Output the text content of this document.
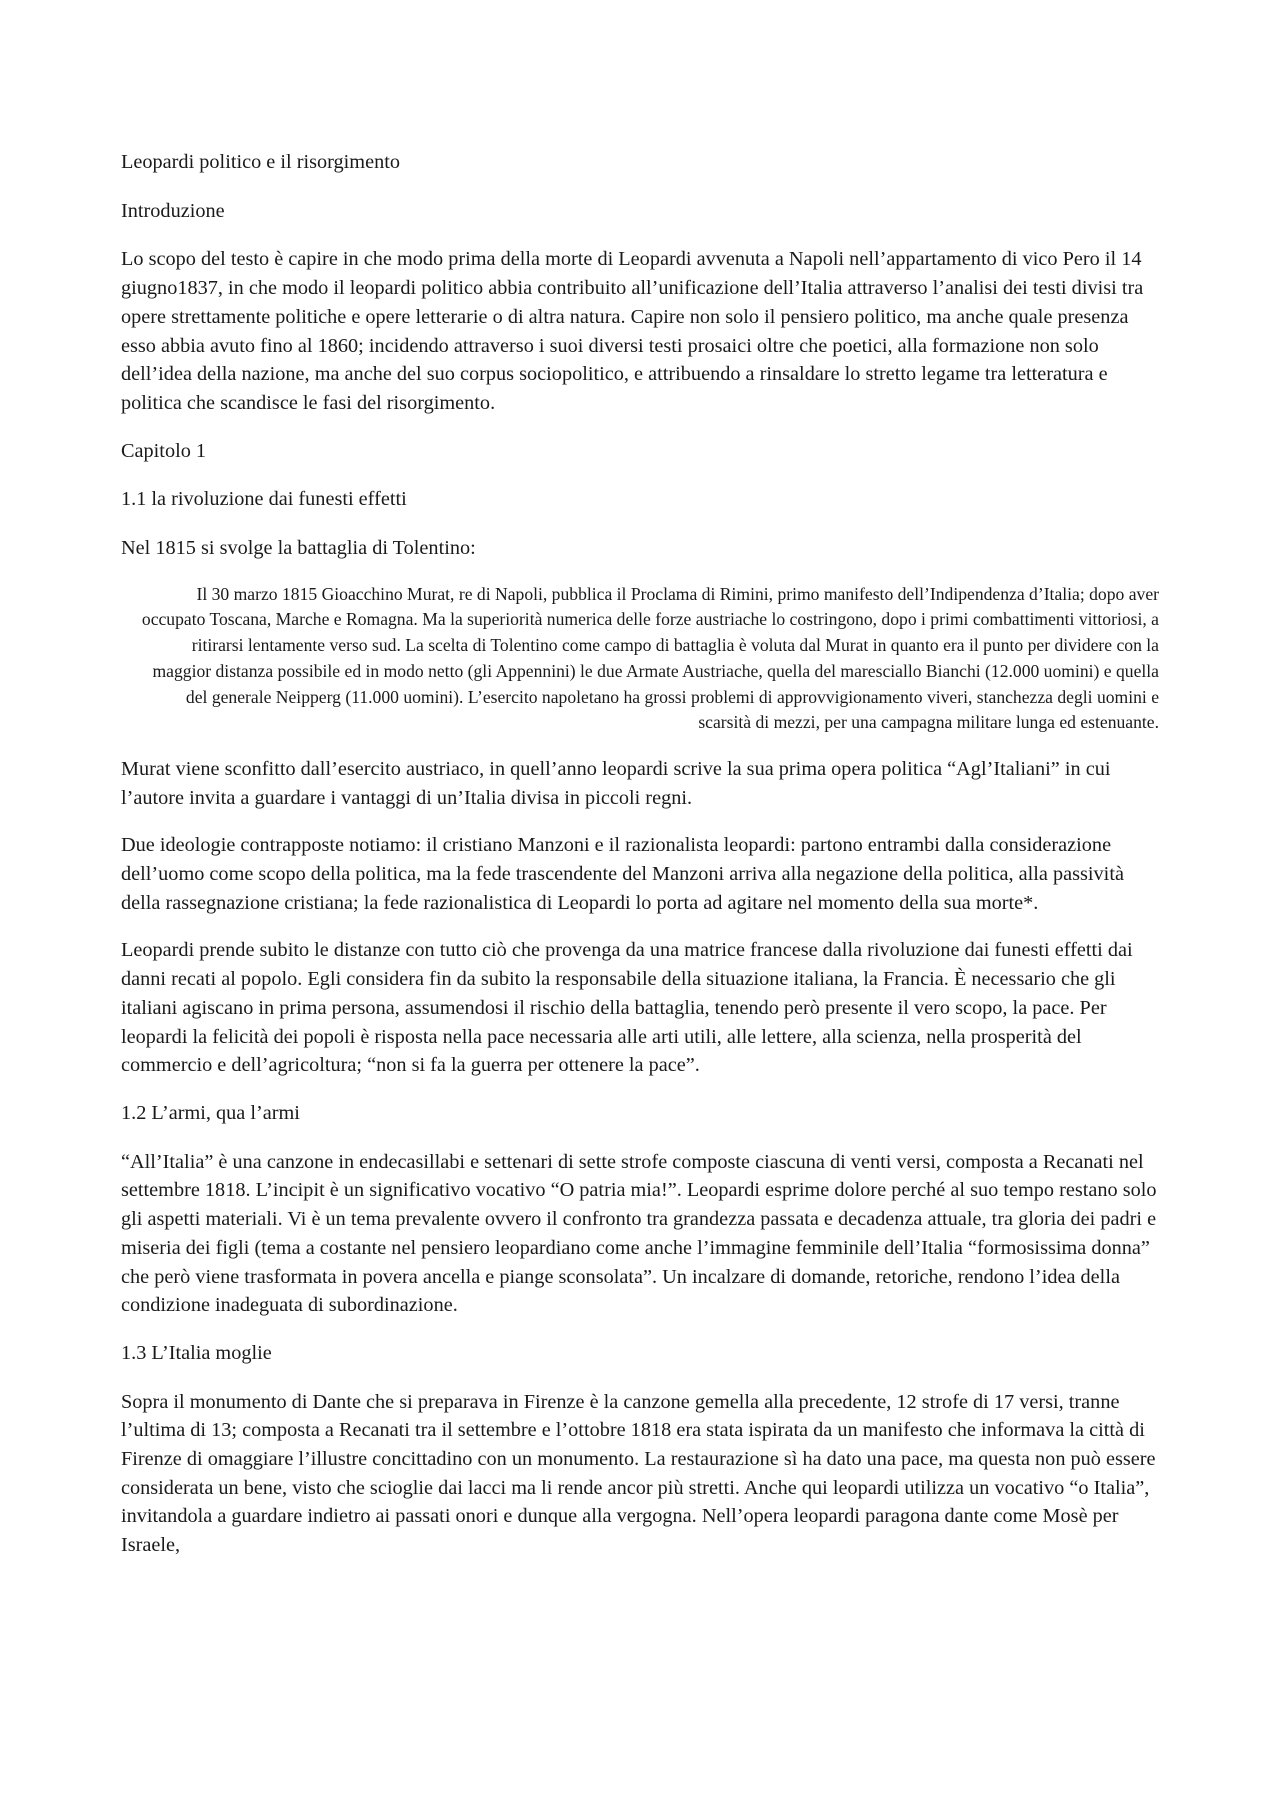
Leopardi politico e il risorgimento

Introduzione

Lo scopo del testo è capire in che modo prima della morte di Leopardi avvenuta a Napoli nell’appartamento di vico Pero il 14 giugno1837, in che modo il leopardi politico abbia contribuito all’unificazione dell’Italia attraverso l’analisi dei testi divisi tra opere strettamente politiche e opere letterarie o di altra natura. Capire non solo il pensiero politico, ma anche quale presenza esso abbia avuto fino al 1860; incidendo attraverso i suoi diversi testi prosaici oltre che poetici, alla formazione non solo dell’idea della nazione, ma anche del suo corpus sociopolitico, e attribuendo a rinsaldare lo stretto legame tra letteratura e politica che scandisce le fasi del risorgimento.

Capitolo 1

1.1 la rivoluzione dai funesti effetti

Nel 1815 si svolge la battaglia di Tolentino:

Il 30 marzo 1815 Gioacchino Murat, re di Napoli, pubblica il Proclama di Rimini, primo manifesto dell’Indipendenza d’Italia; dopo aver occupato Toscana, Marche e Romagna. Ma la superiorità numerica delle forze austriache lo costringono, dopo i primi combattimenti vittoriosi, a ritirarsi lentamente verso sud. La scelta di Tolentino come campo di battaglia è voluta dal Murat in quanto era il punto per dividere con la maggior distanza possibile ed in modo netto (gli Appennini) le due Armate Austriache, quella del maresciallo Bianchi (12.000 uomini) e quella del generale Neipperg (11.000 uomini). L’esercito napoletano ha grossi problemi di approvvigionamento viveri, stanchezza degli uomini e scarsità di mezzi, per una campagna militare lunga ed estenuante.

Murat viene sconfitto dall’esercito austriaco, in quell’anno leopardi scrive la sua prima opera politica “Agl’Italiani” in cui l’autore invita a guardare i vantaggi di un’Italia divisa in piccoli regni.

Due ideologie contrapposte notiamo: il cristiano Manzoni e il razionalista leopardi: partono entrambi dalla considerazione dell’uomo come scopo della politica, ma la fede trascendente del Manzoni arriva alla negazione della politica, alla passività della rassegnazione cristiana; la fede razionalistica di Leopardi lo porta ad agitare nel momento della sua morte*.

Leopardi prende subito le distanze con tutto ciò che provenga da una matrice francese dalla rivoluzione dai funesti effetti dai danni recati al popolo. Egli considera fin da subito la responsabile della situazione italiana, la Francia. È necessario che gli italiani agiscano in prima persona, assumendosi il rischio della battaglia, tenendo però presente il vero scopo, la pace. Per leopardi la felicità dei popoli è risposta nella pace necessaria alle arti utili, alle lettere, alla scienza, nella prosperità del commercio e dell’agricoltura; “non si fa la guerra per ottenere la pace”.

1.2 L’armi, qua l’armi

“All’Italia” è una canzone in endecasillabi e settenari di sette strofe composte ciascuna di venti versi, composta a Recanati nel settembre 1818. L’incipit è un significativo vocativo “O patria mia!”. Leopardi esprime dolore perché al suo tempo restano solo gli aspetti materiali. Vi è un tema prevalente ovvero il confronto tra grandezza passata e decadenza attuale, tra gloria dei padri e miseria dei figli (tema a costante nel pensiero leopardiano come anche l’immagine femminile dell’Italia “formosissima donna” che però viene trasformata in povera ancella e piange sconsolata”. Un incalzare di domande, retoriche, rendono l’idea della condizione inadeguata di subordinazione.

1.3 L’Italia moglie

Sopra il monumento di Dante che si preparava in Firenze è la canzone gemella alla precedente, 12 strofe di 17 versi, tranne l’ultima di 13; composta a Recanati tra il settembre e l’ottobre 1818 era stata ispirata da un manifesto che informava la città di Firenze di omaggiare l’illustre concittadino con un monumento. La restaurazione sì ha dato una pace, ma questa non può essere considerata un bene, visto che scioglie dai lacci ma li rende ancor più stretti. Anche qui leopardi utilizza un vocativo “o Italia”, invitandola a guardare indietro ai passati onori e dunque alla vergogna. Nell’opera leopardi paragona dante come Mosè per Israele,
